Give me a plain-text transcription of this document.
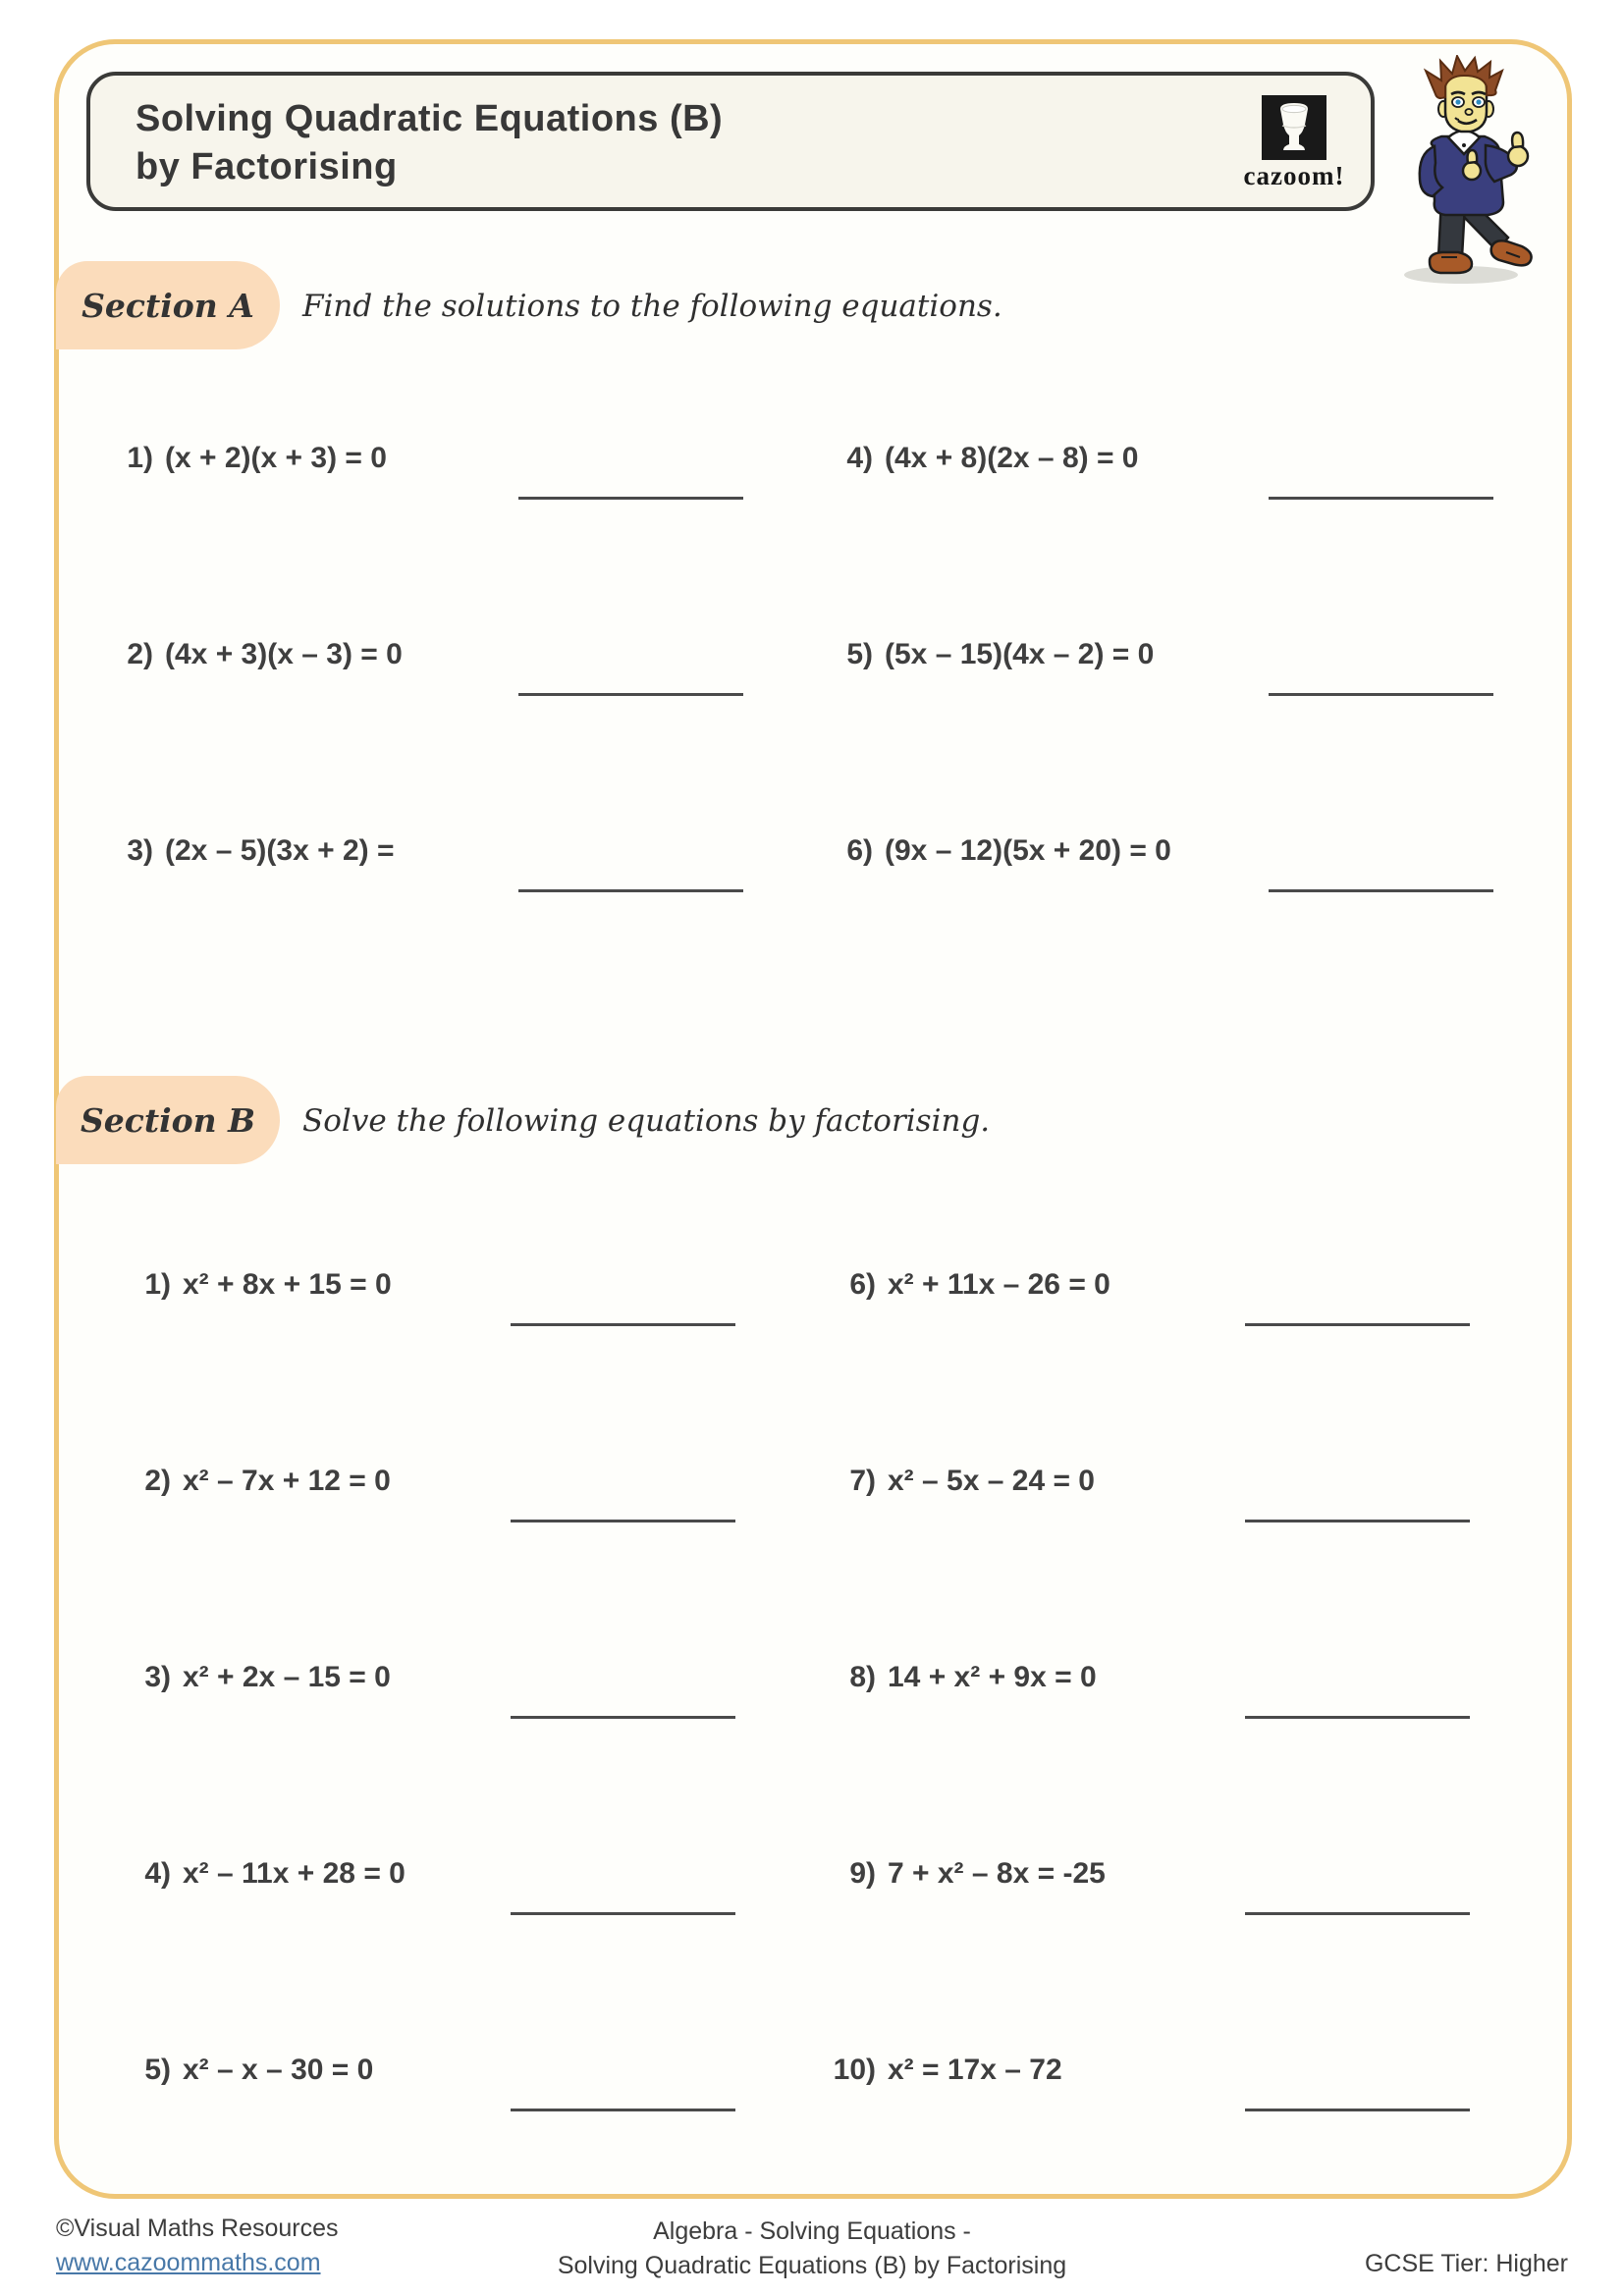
Solving Quadratic Equations (B)
by Factorising	cazoom!
Section A Find the solutions to the following equations.
1) (x + 2)(x + 3) = 0
2) (4x + 3)(x – 3) = 0
3) (2x – 5)(3x + 2) =
4) (4x + 8)(2x – 8) = 0
5) (5x – 15)(4x – 2) = 0
6) (9x – 12)(5x + 20) = 0
Section B Solve the following equations by factorising.
1) x² + 8x + 15 = 0
2) x² – 7x + 12 = 0
3) x² + 2x – 15 = 0
4) x² – 11x + 28 = 0
5) x² – x – 30 = 0
6) x² + 11x – 26 = 0
7) x² – 5x – 24 = 0
8) 14 + x² + 9x = 0
9) 7 + x² – 8x = -25
10) x² = 17x – 72
©Visual Maths Resources
www.cazoommaths.com
Algebra - Solving Equations -
Solving Quadratic Equations (B) by Factorising	GCSE Tier: Higher
